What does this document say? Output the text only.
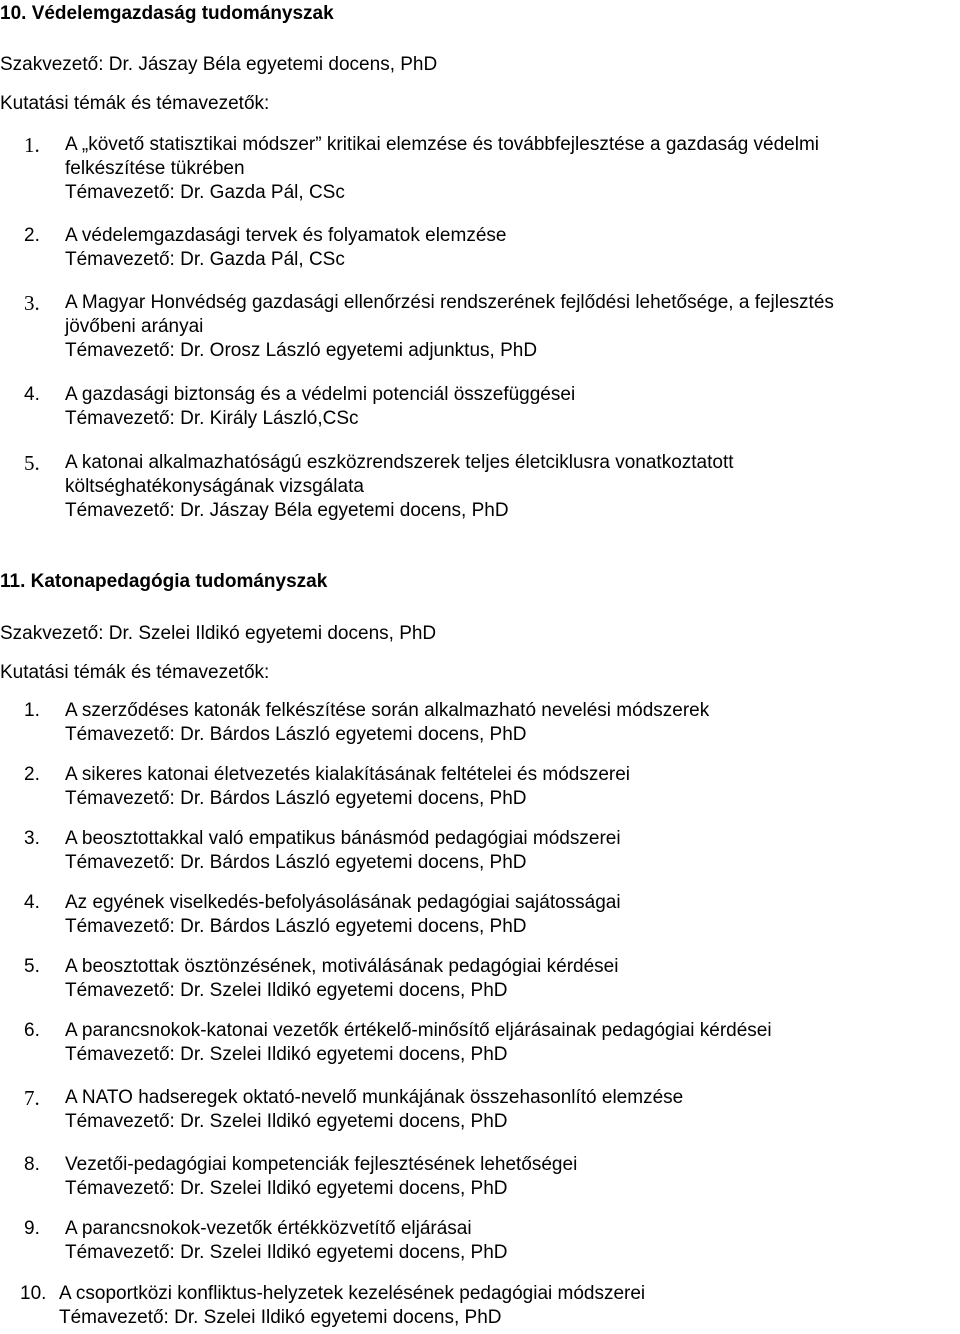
10. Védelemgazdaság tudományszak
Szakvezető: Dr. Jászay Béla egyetemi docens, PhD
Kutatási témák és témavezetők:
1. A „követő statisztikai módszer” kritikai elemzése és továbbfejlesztése a gazdaság védelmi
felkészítése tükrében
Témavezető: Dr. Gazda Pál, CSc
2. A védelemgazdasági tervek és folyamatok elemzése
Témavezető: Dr. Gazda Pál, CSc
3. A Magyar Honvédség gazdasági ellenőrzési rendszerének fejlődési lehetősége, a fejlesztés
jövőbeni arányai
Témavezető: Dr. Orosz László egyetemi adjunktus, PhD
4. A gazdasági biztonság és a védelmi potenciál összefüggései
Témavezető: Dr. Király László,CSc
5. A katonai alkalmazhatóságú eszközrendszerek teljes életciklusra vonatkoztatott
költséghatékonyságának vizsgálata
Témavezető: Dr. Jászay Béla egyetemi docens, PhD
11. Katonapedagógia tudományszak
Szakvezető: Dr. Szelei Ildikó egyetemi docens, PhD
Kutatási témák és témavezetők:
1. A szerződéses katonák felkészítése során alkalmazható nevelési módszerek
Témavezető: Dr. Bárdos László egyetemi docens, PhD
2. A sikeres katonai életvezetés kialakításának feltételei és módszerei
Témavezető: Dr. Bárdos László egyetemi docens, PhD
3. A beosztottakkal való empatikus bánásmód pedagógiai módszerei
Témavezető: Dr. Bárdos László egyetemi docens, PhD
4. Az egyének viselkedés-befolyásolásának pedagógiai sajátosságai
Témavezető: Dr. Bárdos László egyetemi docens, PhD
5. A beosztottak ösztönzésének, motiválásának pedagógiai kérdései
Témavezető: Dr. Szelei Ildikó egyetemi docens, PhD
6. A parancsnokok-katonai vezetők értékelő-minősítő eljárásainak pedagógiai kérdései
Témavezető: Dr. Szelei Ildikó egyetemi docens, PhD
7. A NATO hadseregek oktató-nevelő munkájának összehasonlító elemzése
Témavezető: Dr. Szelei Ildikó egyetemi docens, PhD
8. Vezetői-pedagógiai kompetenciák fejlesztésének lehetőségei
Témavezető: Dr. Szelei Ildikó egyetemi docens, PhD
9. A parancsnokok-vezetők értékközvetítő eljárásai
Témavezető: Dr. Szelei Ildikó egyetemi docens, PhD
10. A csoportközi konfliktus-helyzetek kezelésének pedagógiai módszerei
Témavezető: Dr. Szelei Ildikó egyetemi docens, PhD
